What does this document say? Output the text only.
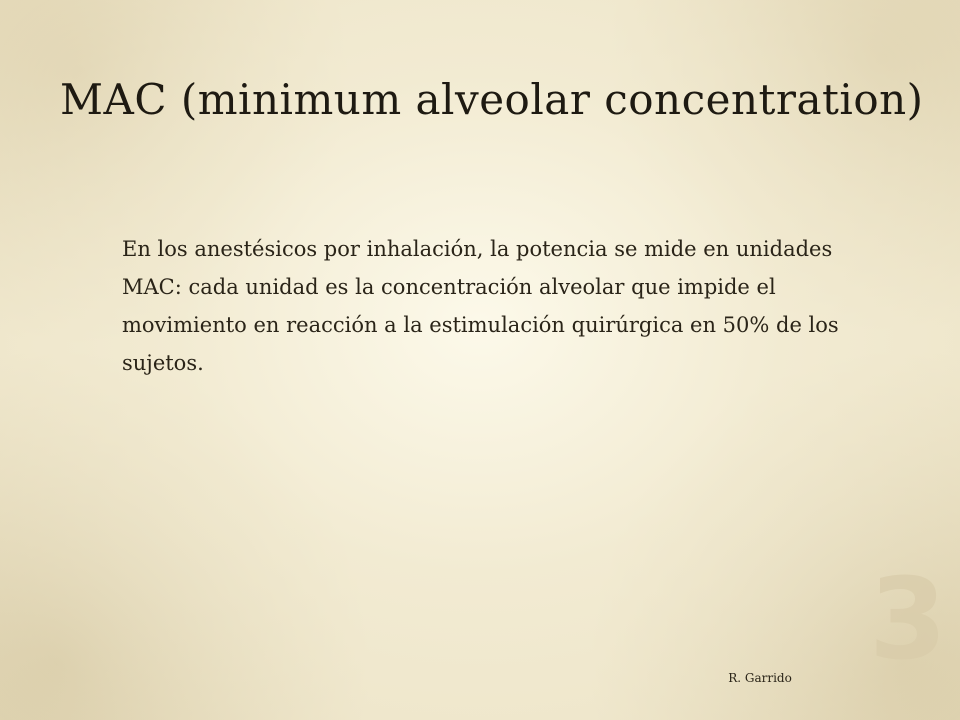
MAC (minimum alveolar concentration)

En los anestésicos por inhalación, la potencia se mide en unidades MAC: cada unidad es la concentración alveolar que impide el movimiento en reacción a la estimulación quirúrgica en 50% de los sujetos.

3
R. Garrido
